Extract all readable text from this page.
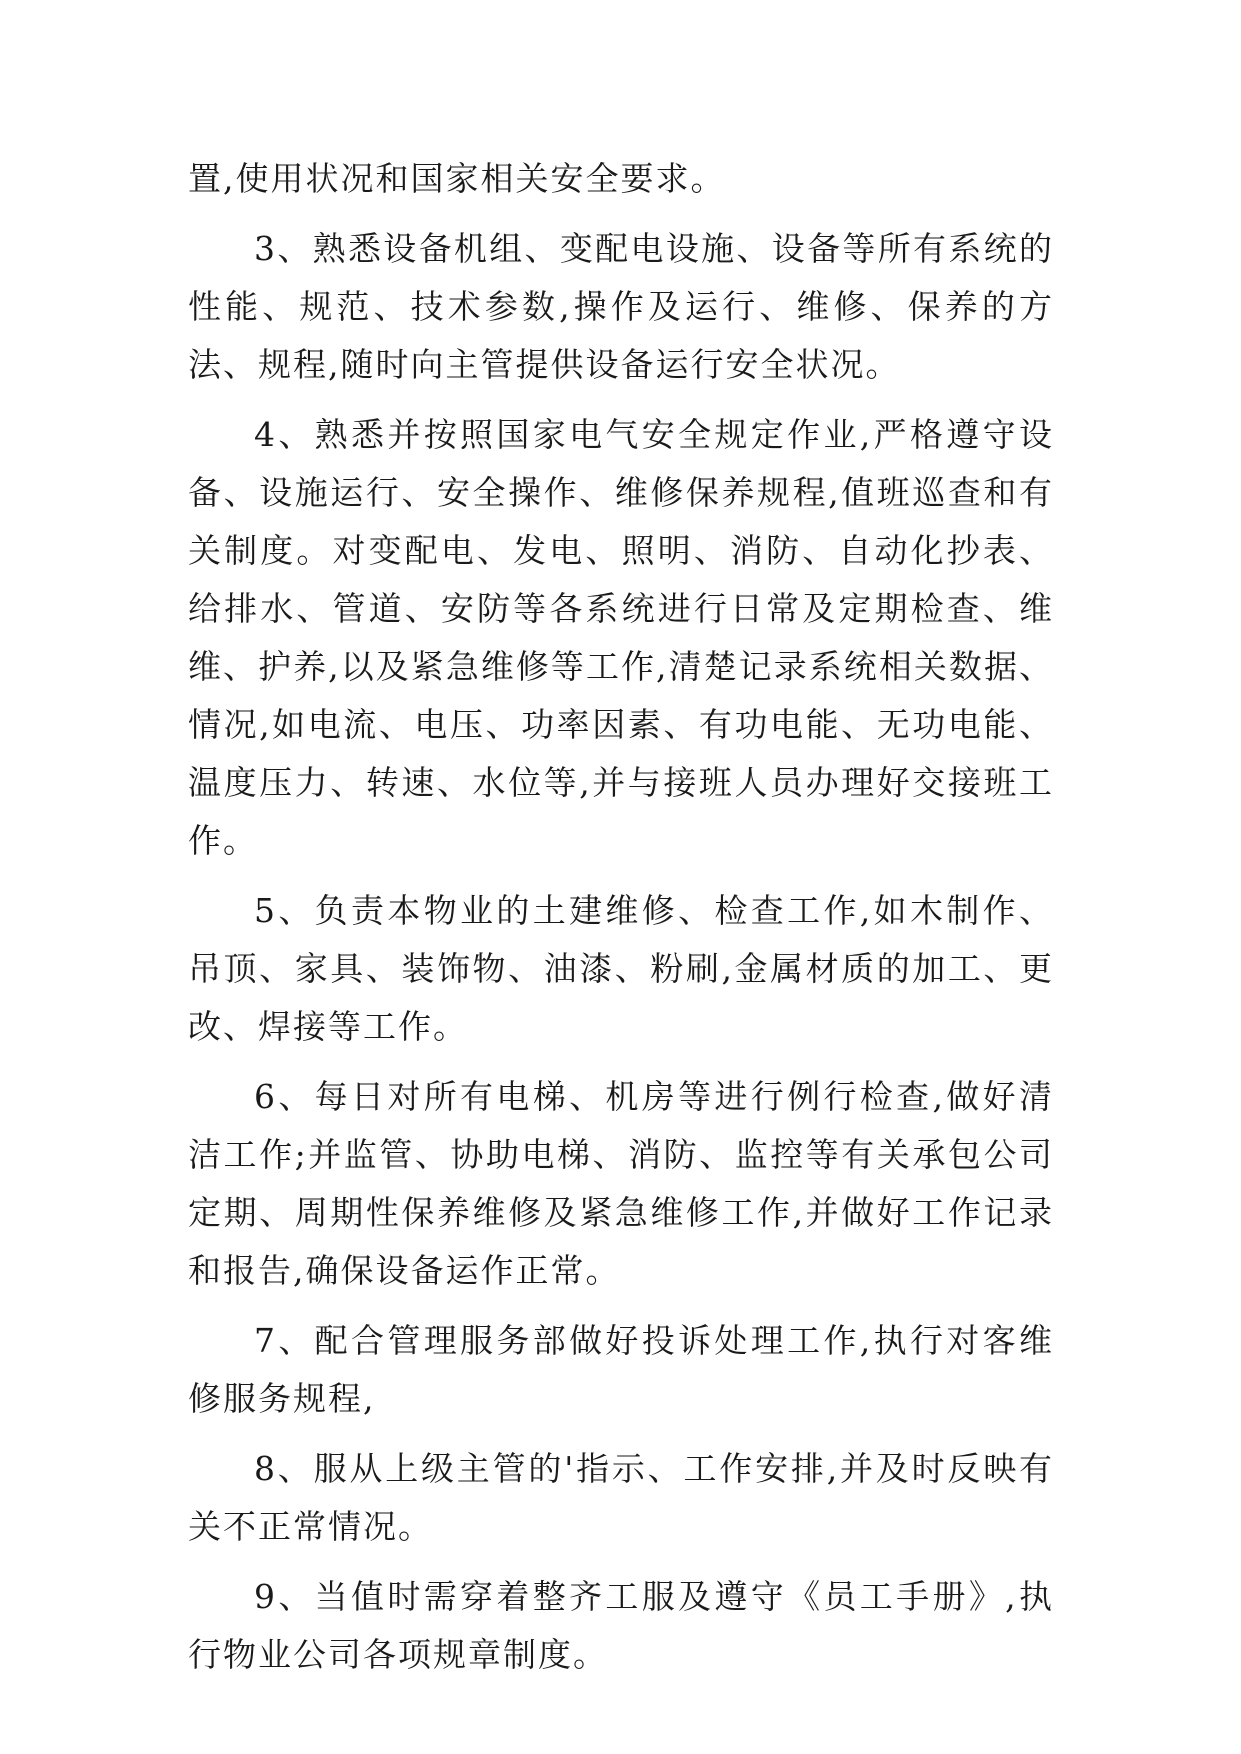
置,使用状况和国家相关安全要求。

3、熟悉设备机组、变配电设施、设备等所有系统的性能、规范、技术参数,操作及运行、维修、保养的方法、规程,随时向主管提供设备运行安全状况。

4、熟悉并按照国家电气安全规定作业,严格遵守设备、设施运行、安全操作、维修保养规程,值班巡查和有关制度。对变配电、发电、照明、消防、自动化抄表、给排水、管道、安防等各系统进行日常及定期检查、维维、护养,以及紧急维修等工作,清楚记录系统相关数据、情况,如电流、电压、功率因素、有功电能、无功电能、温度压力、转速、水位等,并与接班人员办理好交接班工作。

5、负责本物业的土建维修、检查工作,如木制作、吊顶、家具、装饰物、油漆、粉刷,金属材质的加工、更改、焊接等工作。

6、每日对所有电梯、机房等进行例行检查,做好清洁工作;并监管、协助电梯、消防、监控等有关承包公司定期、周期性保养维修及紧急维修工作,并做好工作记录和报告,确保设备运作正常。

7、配合管理服务部做好投诉处理工作,执行对客维修服务规程,

8、服从上级主管的'指示、工作安排,并及时反映有关不正常情况。

9、当值时需穿着整齐工服及遵守《员工手册》,执行物业公司各项规章制度。
